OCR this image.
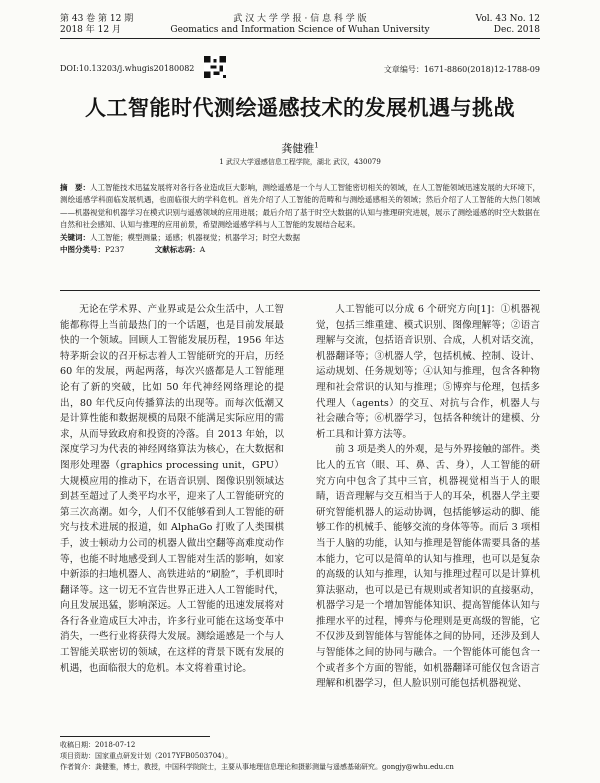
第 43 卷 第 12 期
2018 年 12 月
武 汉 大 学 学 报 · 信 息 科 学 版
Geomatics and Information Science of Wuhan University
Vol. 43 No. 12
Dec. 2018
DOI:10.13203/j.whugis20180082	文章编号：1671-8860(2018)12-1788-09
人工智能时代测绘遥感技术的发展机遇与挑战
龚健雅$^1$
1 武汉大学遥感信息工程学院，湖北 武汉，430079

摘　要：人工智能技术迅猛发展将对各行各业造成巨大影响，测绘遥感是一个与人工智能密切相关的领域，在人工智能领域迅速发展的大环境下，测绘遥感学科面临发展机遇，也面临很大的学科危机。首先介绍了人工智能的范畴和与测绘遥感相关的领域；然后介绍了人工智能的大热门领域——机器视觉和机器学习在模式识别与遥感领域的应用进展；最后介绍了基于时空大数据的认知与推理研究进展，展示了测绘遥感的时空大数据在自然和社会感知、认知与推理的应用前景，希望测绘遥感学科与人工智能的发展结合起来。

关键词：人工智能；模型测量；遥感；机器视觉；机器学习；时空大数据

中图分类号：P237	文献标志码：A

无论在学术界、产业界或是公众生活中，人工智能都称得上当前最热门的一个话题，也是目前发展最快的一个领域。回顾人工智能发展历程，1956 年达特茅斯会议的召开标志着人工智能研究的开启，历经 60 年的发展，两起两落，每次兴盛都是人工智能理论有了新的突破，比如 50 年代神经网络理论的提出，80 年代反向传播算法的出现等。而每次低潮又是计算性能和数据规模的局限不能满足实际应用的需求，从而导致政府和投资的冷落。自 2013 年始，以深度学习为代表的神经网络算法为核心，在大数据和图形处理器（graphics processing unit，GPU）大规模应用的推动下，在语音识别、图像识别领域达到甚至超过了人类平均水平，迎来了人工智能研究的第三次高潮。如今，人们不仅能够看到人工智能的研究与技术进展的报道，如 AlphaGo 打败了人类围棋手，波士顿动力公司的机器人做出空翻等高难度动作等，也能不时地感受到人工智能对生活的影响，如家中新添的扫地机器人、高铁进站的“刷脸”，手机即时翻译等。这一切无不宣告世界正进入人工智能时代，向且发展迅猛，影响深远。人工智能的迅速发展将对各行各业造成巨大冲击，许多行业可能在这场变革中消失，一些行业将获得大发展。测绘遥感是一个与人工智能关联密切的领域，在这样的背景下既有发展的机遇，也面临很大的危机。本文将着重讨论。

人工智能可以分成 6 个研究方向[1]：①机器视觉，包括三维重建、模式识别、图像理解等；②语言理解与交流，包括语音识别、合成，人机对话交流，机器翻译等；③机器人学，包括机械、控制、设计、运动规划、任务规划等；④认知与推理，包含各种物理和社会常识的认知与推理；⑤博弈与伦理，包括多代理人（agents）的交互、对抗与合作，机器人与社会融合等；⑥机器学习，包括各种统计的建模、分析工具和计算方法等。

前 3 项是类人的外观，是与外界接触的部件。类比人的五官（眼、耳、鼻、舌、身），人工智能的研究方向中包含了其中三官，机器视觉相当于人的眼睛，语音理解与交互相当于人的耳朵，机器人学主要研究智能机器人的运动协调，包括能够运动的脚、能够工作的机械手、能够交流的身体等等。而后 3 项相当于人脑的功能，认知与推理是智能体需要具备的基本能力，它可以是简单的认知与推理，也可以是复杂的高级的认知与推理，认知与推理过程可以是计算机算法驱动，也可以是已有规则或者知识的直接驱动，机器学习是一个增加智能体知识、提高智能体认知与推理水平的过程，博弈与伦理则是更高级的智能，它不仅涉及到智能体与智能体之间的协同，还涉及到人与智能体之间的协同与融合。一个智能体可能包含一个或者多个方面的智能，如机器翻译可能仅包含语言理解和机器学习，但人脸识别可能包括机器视觉、

收稿日期：2018-07-12
项目资助：国家重点研发计划（2017YFB0503704）。
作者简介：龚健雅，博士，教授，中国科学院院士，主要从事地理信息理论和摄影测量与遥感基础研究。gongjy@whu.edu.cn
